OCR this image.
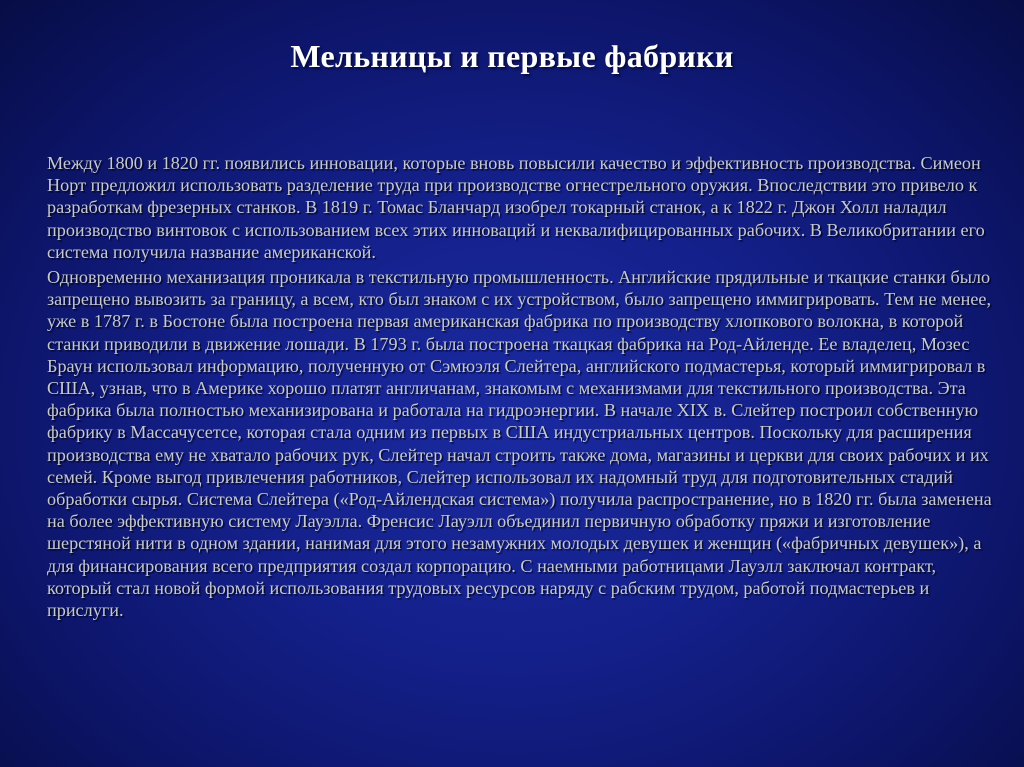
Мельницы и первые фабрики

Между 1800 и 1820 гг. появились инновации, которые вновь повысили качество и эффективность производства. Симеон Норт предложил использовать разделение труда при производстве огнестрельного оружия. Впоследствии это привело к разработкам фрезерных станков. В 1819 г. Томас Бланчард изобрел токарный станок, а к 1822 г. Джон Холл наладил производство винтовок с использованием всех этих инноваций и неквалифицированных рабочих. В Великобритании его система получила название американской.

Одновременно механизация проникала в текстильную промышленность. Английские прядильные и ткацкие станки было запрещено вывозить за границу, а всем, кто был знаком с их устройством, было запрещено иммигрировать. Тем не менее, уже в 1787 г. в Бостоне была построена первая американская фабрика по производству хлопкового волокна, в которой станки приводили в движение лошади. В 1793 г. была построена ткацкая фабрика на Род-Айленде. Ее владелец, Мозес Браун использовал информацию, полученную от Сэмюэля Слейтера, английского подмастерья, который иммигрировал в США, узнав, что в Америке хорошо платят англичанам, знакомым с механизмами для текстильного производства. Эта фабрика была полностью механизирована и работала на гидроэнергии. В начале XIX в. Слейтер построил собственную фабрику в Массачусетсе, которая стала одним из первых в США индустриальных центров. Поскольку для расширения производства ему не хватало рабочих рук, Слейтер начал строить также дома, магазины и церкви для своих рабочих и их семей. Кроме выгод привлечения работников, Слейтер использовал их надомный труд для подготовительных стадий обработки сырья. Система Слейтера («Род-Айлендская система») получила распространение, но в 1820 гг. была заменена на более эффективную систему Лауэлла. Френсис Лауэлл объединил первичную обработку пряжи и изготовление шерстяной нити в одном здании, нанимая для этого незамужних молодых девушек и женщин («фабричных девушек»), а для финансирования всего предприятия создал корпорацию. С наемными работницами Лауэлл заключал контракт, который стал новой формой использования трудовых ресурсов наряду с рабским трудом, работой подмастерьев и прислуги.
